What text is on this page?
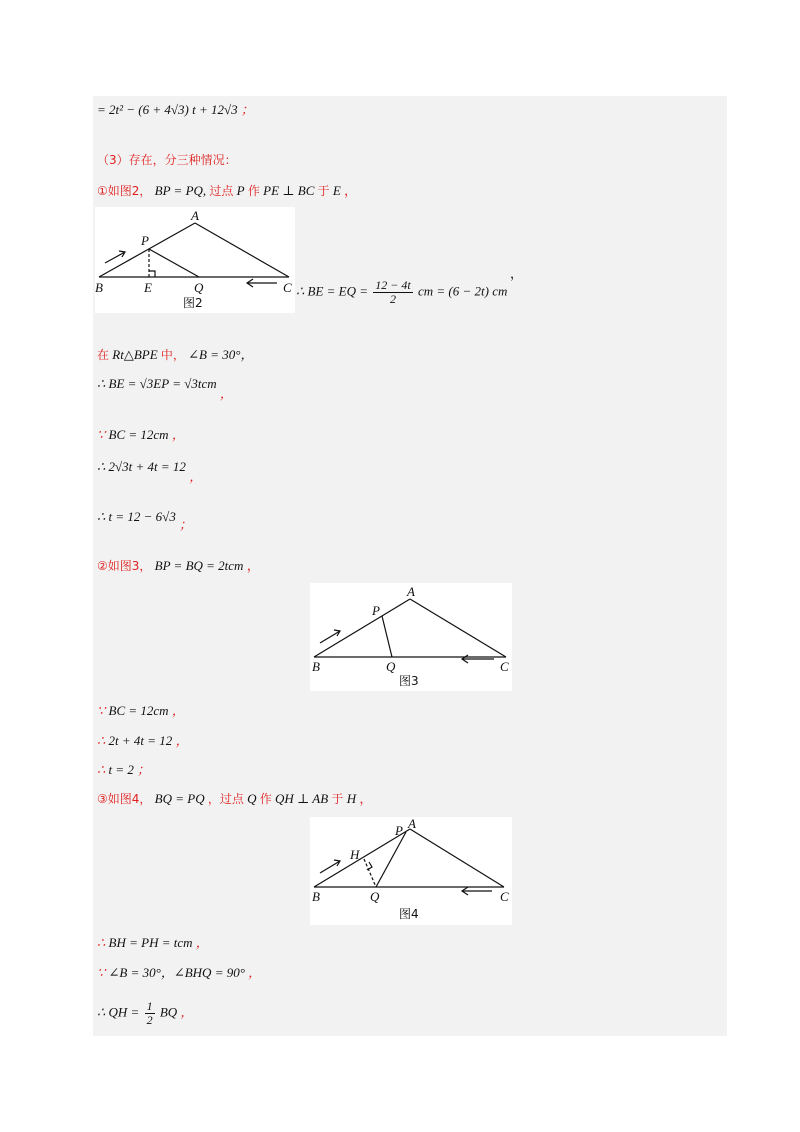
= 2t² − (6 + 4√3) t + 12√3 ；
（3）存在，分三种情况：
①如图2， BP = PQ, 过点 P 作 PE ⊥ BC 于 E ，
A
P
B	E	Q	C
图2
∴ BE = EQ = $\frac{12 - 4t}{2}$ cm = (6 − 2t) cm
，
在 Rt△BPE 中， ∠B = 30°，
∴ BE = √3EP = √3tcm ，
∵ BC = 12cm ，
∴ 2√3t + 4t = 12 ，
∴ t = 12 − 6√3 ；
②如图3， BP = BQ = 2tcm ，
A
P
B	Q	C
图3
∵ BC = 12cm ，
∴ 2t + 4t = 12 ，
∴ t = 2 ；
③如图4， BQ = PQ ，过点 Q 作 QH ⊥ AB 于 H ，
A
P
H
B	Q	C
图4
∴ BH = PH = tcm ，
∵ ∠B = 30°，∠BHQ = 90° ，
∴ QH = $\frac{1}{2}$ BQ ，
